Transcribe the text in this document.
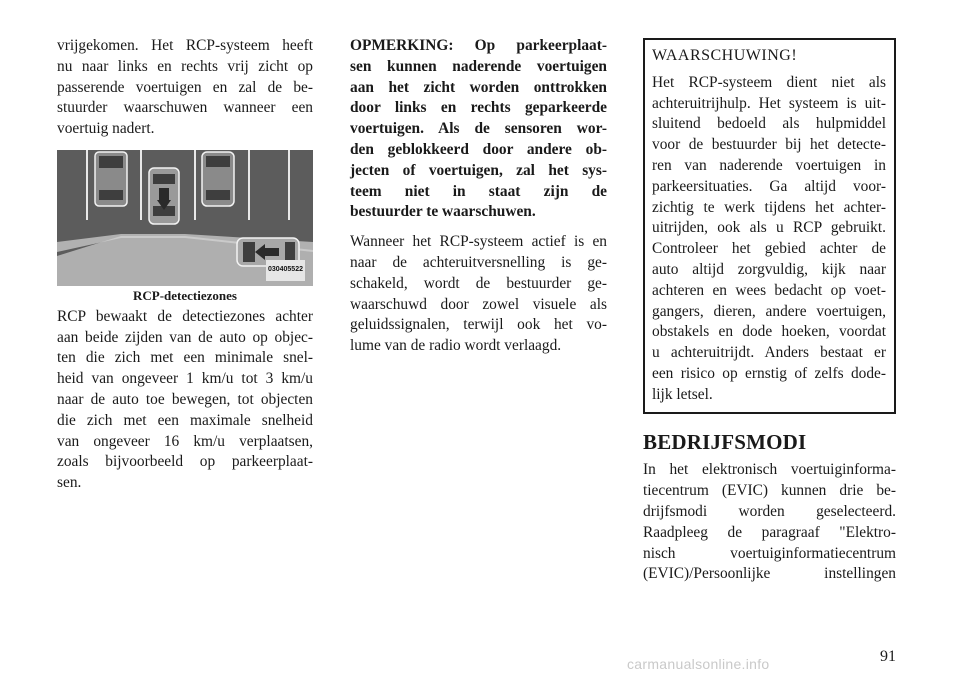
vrijgekomen. Het RCP-systeem heeft

nu naar links en rechts vrij zicht op

passerende voertuigen en zal de be-

stuurder waarschuwen wanneer een

voertuig nadert.

030405522

RCP-detectiezones

RCP bewaakt de detectiezones achter

aan beide zijden van de auto op objec-

ten die zich met een minimale snel-

heid van ongeveer 1 km/u tot 3 km/u

naar de auto toe bewegen, tot objecten

die zich met een maximale snelheid

van ongeveer 16 km/u verplaatsen,

zoals bijvoorbeeld op parkeerplaat-

sen.

OPMERKING: Op parkeerplaat-

sen kunnen naderende voertuigen

aan het zicht worden onttrokken

door links en rechts geparkeerde

voertuigen. Als de sensoren wor-

den geblokkeerd door andere ob-

jecten of voertuigen, zal het sys-

teem niet in staat zijn de

bestuurder te waarschuwen.

Wanneer het RCP-systeem actief is en

naar de achteruitversnelling is ge-

schakeld, wordt de bestuurder ge-

waarschuwd door zowel visuele als

geluidssignalen, terwijl ook het vo-

lume van de radio wordt verlaagd.

WAARSCHUWING!

Het RCP-systeem dient niet als

achteruitrijhulp. Het systeem is uit-

sluitend bedoeld als hulpmiddel

voor de bestuurder bij het detecte-

ren van naderende voertuigen in

parkeersituaties. Ga altijd voor-

zichtig te werk tijdens het achter-

uitrijden, ook als u RCP gebruikt.

Controleer het gebied achter de

auto altijd zorgvuldig, kijk naar

achteren en wees bedacht op voet-

gangers, dieren, andere voertuigen,

obstakels en dode hoeken, voordat

u achteruitrijdt. Anders bestaat er

een risico op ernstig of zelfs dode-

lijk letsel.

BEDRIJFSMODI

In het elektronisch voertuiginforma-

tiecentrum (EVIC) kunnen drie be-

drijfsmodi worden geselecteerd.

Raadpleeg de paragraaf "Elektro-

nisch voertuiginformatiecentrum

(EVIC)/Persoonlijke instellingen

91
carmanualsonline.info
